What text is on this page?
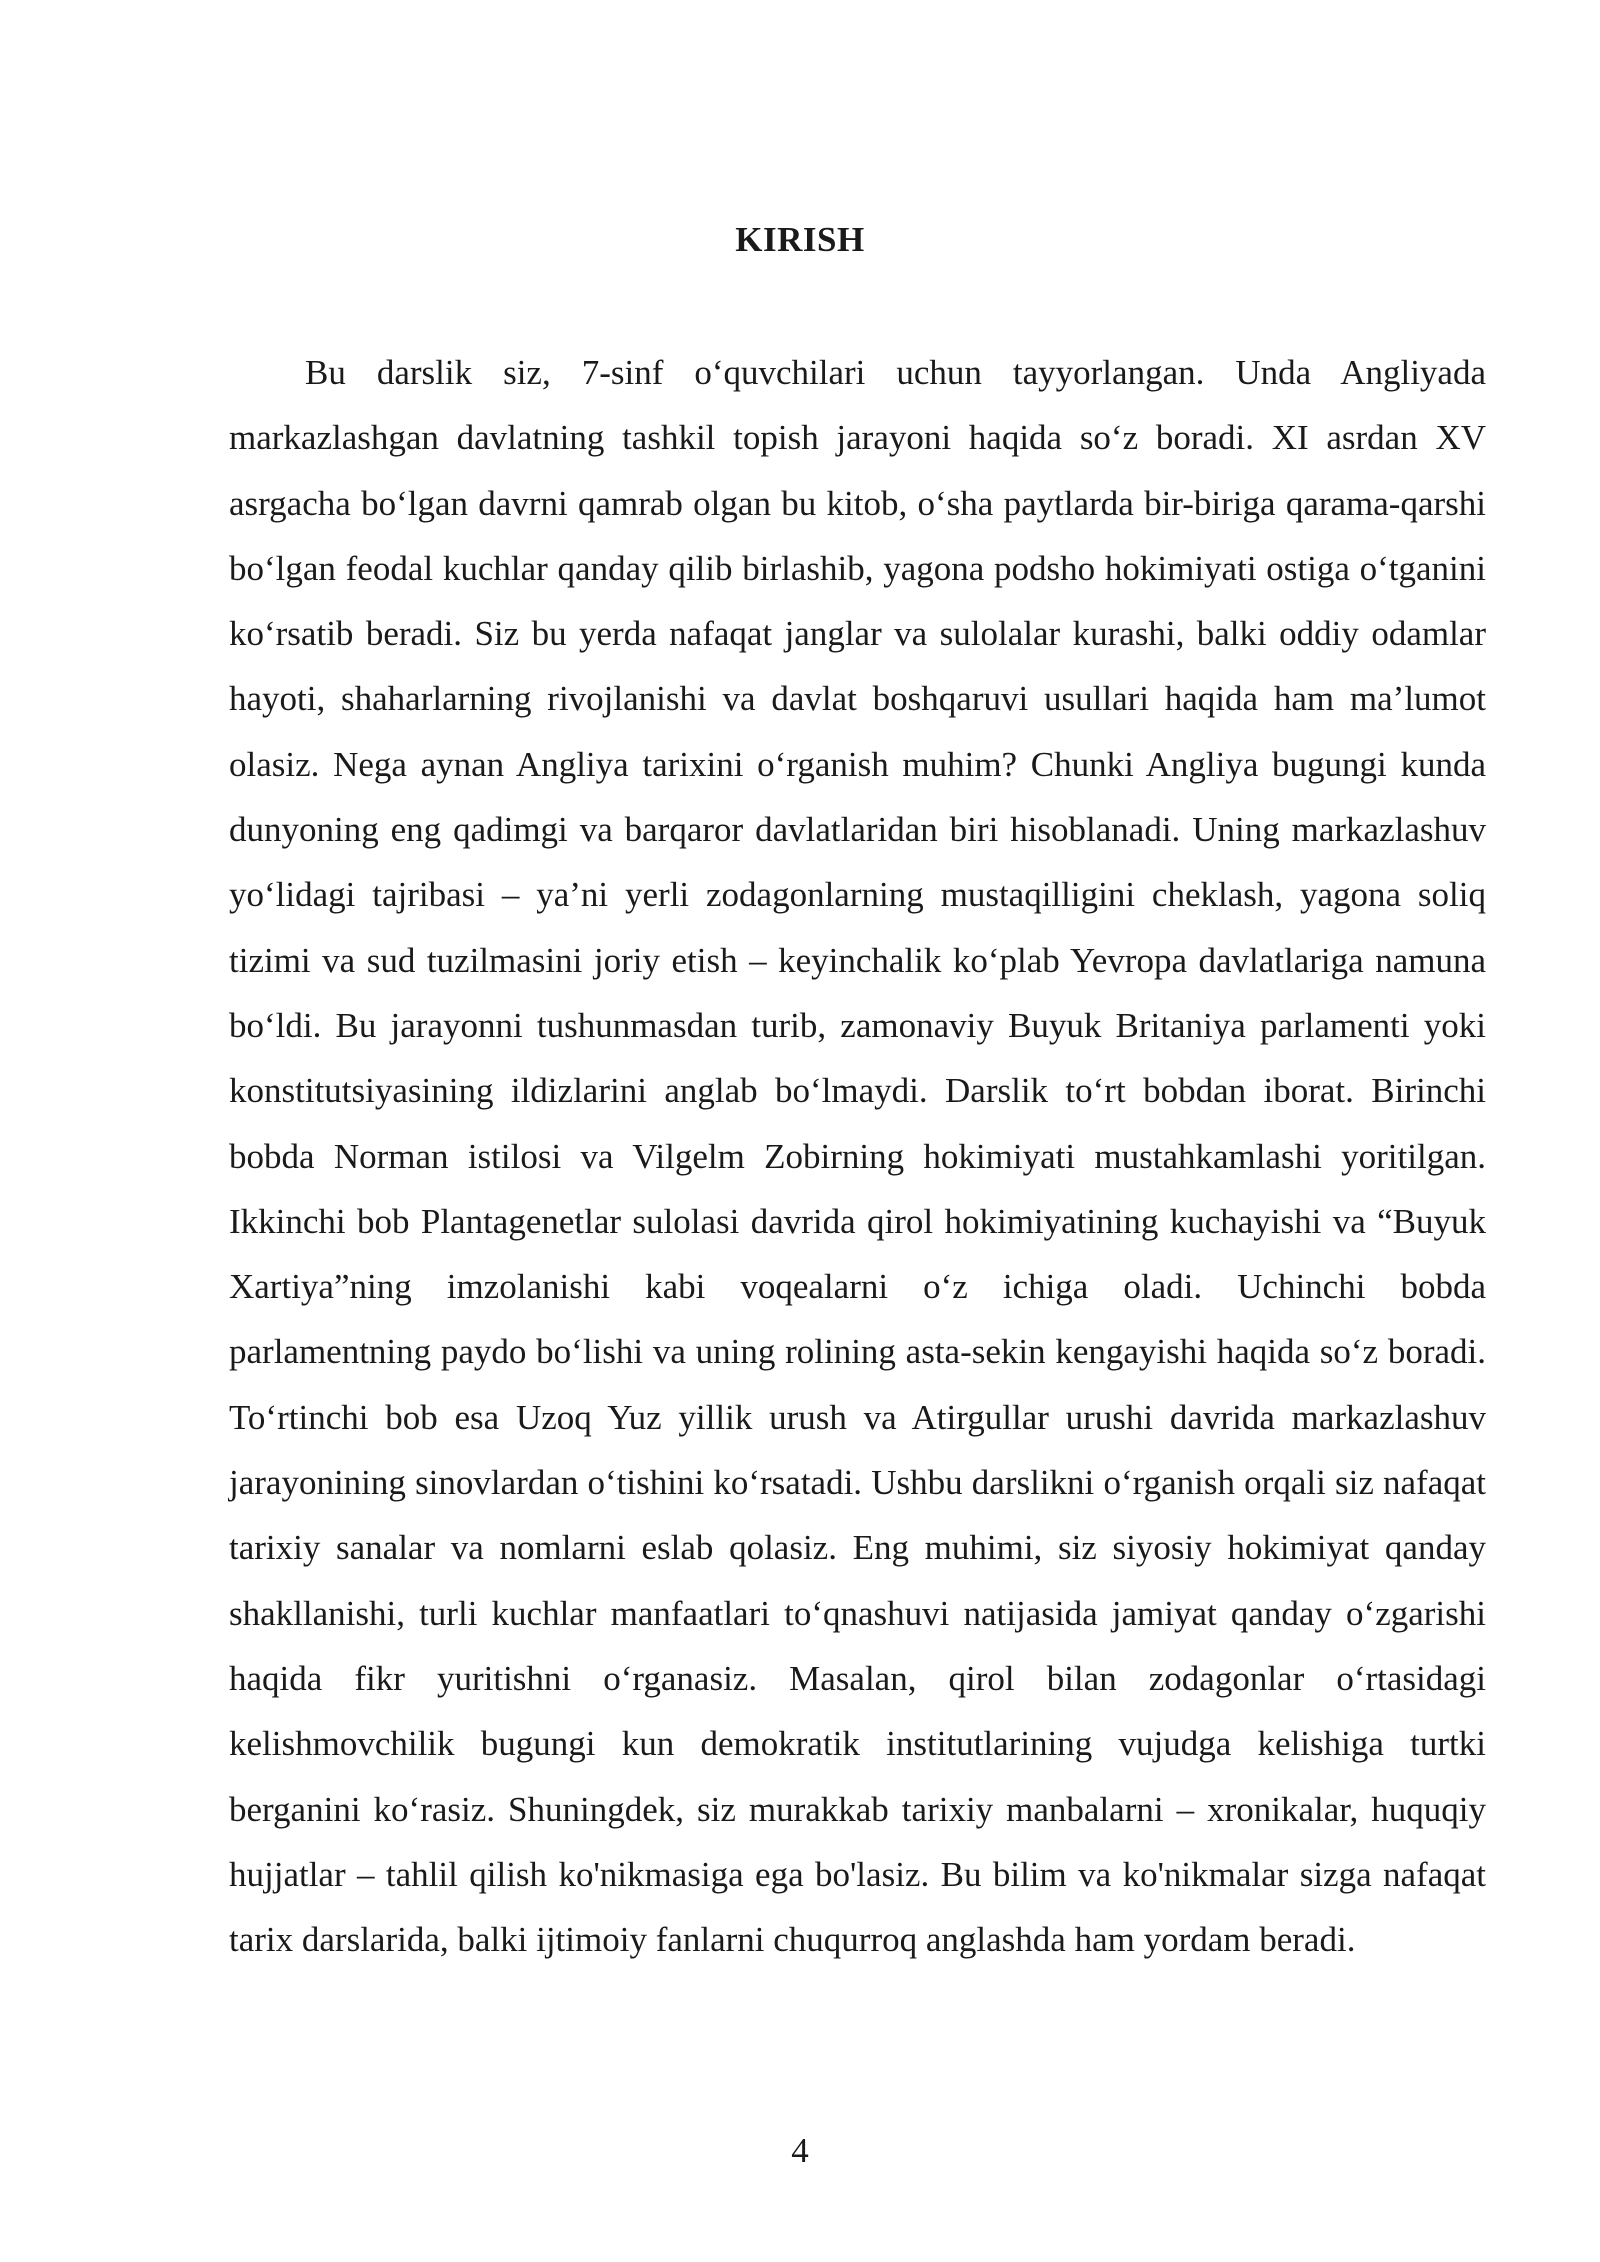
KIRISH

Bu darslik siz, 7-sinf o‘quvchilari uchun tayyorlangan. Unda Angliyada markazlashgan davlatning tashkil topish jarayoni haqida so‘z boradi. XI asrdan XV asrgacha bo‘lgan davrni qamrab olgan bu kitob, o‘sha paytlarda bir-biriga qarama-qarshi bo‘lgan feodal kuchlar qanday qilib birlashib, yagona podsho hokimiyati ostiga o‘tganini ko‘rsatib beradi. Siz bu yerda nafaqat janglar va sulolalar kurashi, balki oddiy odamlar hayoti, shaharlarning rivojlanishi va davlat boshqaruvi usullari haqida ham ma’lumot olasiz. Nega aynan Angliya tarixini o‘rganish muhim? Chunki Angliya bugungi kunda dunyoning eng qadimgi va barqaror davlatlaridan biri hisoblanadi. Uning markazlashuv yo‘lidagi tajribasi – ya’ni yerli zodagonlarning mustaqilligini cheklash, yagona soliq tizimi va sud tuzilmasini joriy etish – keyinchalik ko‘plab Yevropa davlatlariga namuna bo‘ldi. Bu jarayonni tushunmasdan turib, zamonaviy Buyuk Britaniya parlamenti yoki konstitutsiyasining ildizlarini anglab bo‘lmaydi. Darslik to‘rt bobdan iborat. Birinchi bobda Norman istilosi va Vilgelm Zobirning hokimiyati mustahkamlashi yoritilgan. Ikkinchi bob Plantagenetlar sulolasi davrida qirol hokimiyatining kuchayishi va “Buyuk Xartiya”ning imzolanishi kabi voqealarni o‘z ichiga oladi. Uchinchi bobda parlamentning paydo bo‘lishi va uning rolining asta-sekin kengayishi haqida so‘z boradi. To‘rtinchi bob esa Uzoq Yuz yillik urush va Atirgullar urushi davrida markazlashuv jarayonining sinovlardan o‘tishini ko‘rsatadi. Ushbu darslikni o‘rganish orqali siz nafaqat tarixiy sanalar va nomlarni eslab qolasiz. Eng muhimi, siz siyosiy hokimiyat qanday shakllanishi, turli kuchlar manfaatlari to‘qnashuvi natijasida jamiyat qanday o‘zgarishi haqida fikr yuritishni o‘rganasiz. Masalan, qirol bilan zodagonlar o‘rtasidagi kelishmovchilik bugungi kun demokratik institutlarining vujudga kelishiga turtki berganini ko‘rasiz. Shuningdek, siz murakkab tarixiy manbalarni – xronikalar, huquqiy hujjatlar – tahlil qilish ko'nikmasiga ega bo'lasiz. Bu bilim va ko'nikmalar sizga nafaqat tarix darslarida, balki ijtimoiy fanlarni chuqurroq anglashda ham yordam beradi.

4
